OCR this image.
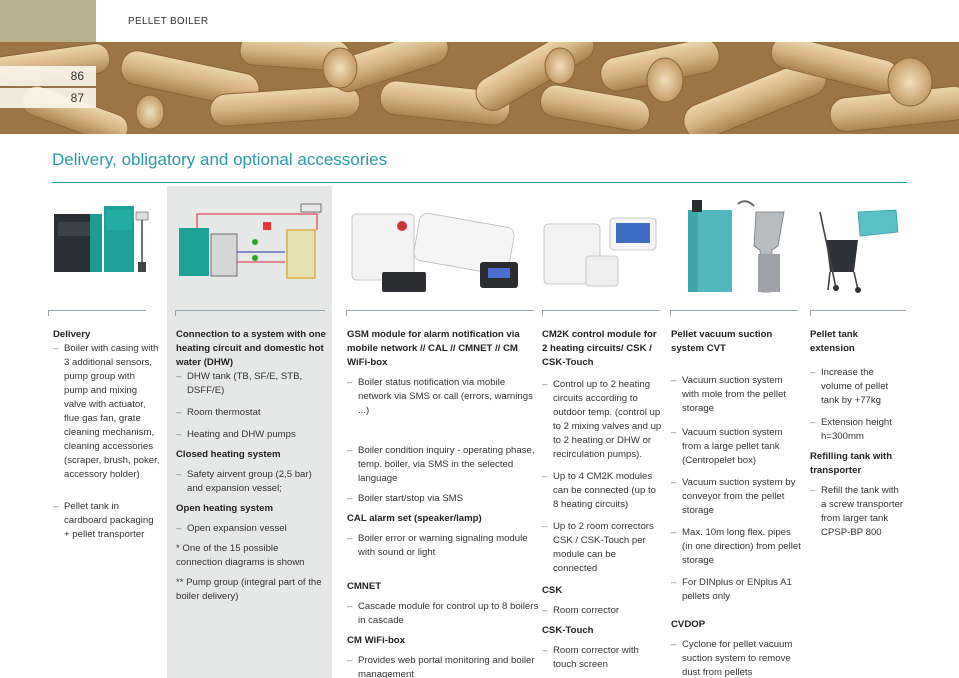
PELLET BOILER
86
87
Delivery, obligatory and optional accessories
Delivery
– Boiler with casing with 3 additional sensors, pump group with pump and mixing valve with actuator, flue gas fan, grate cleaning mechanism, cleaning accessories (scraper, brush, poker, accessory holder)
– Pellet tank in cardboard packaging + pellet transporter
Connection to a system with one heating circuit and domestic hot water (DHW)
– DHW tank (TB, SF/E, STB, DSFF/E)
– Room thermostat
– Heating and DHW pumps
Closed heating system
– Safety airvent group (2,5 bar) and expansion vessel;
Open heating system
– Open expansion vessel
* One of the 15 possible connection diagrams is shown
** Pump group (integral part of the boiler delivery)
GSM module for alarm notification via mobile network // CAL // CMNET // CM WiFi-box
– Boiler status notification via mobile network via SMS or call (errors, warnings ...)
– Boiler condition inquiry - operating phase, temp. boiler, via SMS in the selected language
– Boiler start/stop via SMS
CAL alarm set (speaker/lamp)
– Boiler error or warning signaling module with sound or light
CMNET
– Cascade module for control up to 8 boilers in cascade
CM WiFi-box
– Provides web portal monitoring and boiler management
CM2K control module for 2 heating circuits/ CSK / CSK-Touch
– Control up to 2 heating circuits according to outdoor temp. (control up to 2 mixing valves and up to 2 heating or DHW or recirculation pumps).
– Up to 4 CM2K modules can be connected (up to 8 heating circuits)
– Up to 2 room correctors CSK / CSK-Touch per module can be connected
CSK
– Room corrector
CSK-Touch
– Room corrector with touch screen
Pellet vacuum suction system CVT
– Vacuum suction system with mole from the pellet storage
– Vacuum suction system from a large pellet tank (Centropelet box)
– Vacuum suction system by conveyor from the pellet storage
– Max. 10m long flex. pipes (in one direction) from pellet storage
– For DINplus or ENplus A1 pellets only
CVDOP
– Cyclone for pellet vacuum suction system to remove dust from pellets
Pellet tank extension
– Increase the volume of pellet tank by +77kg
– Extension height h=300mm
Refilling tank with transporter
– Refill the tank with a screw transporter from larger tank CPSP-BP 800
